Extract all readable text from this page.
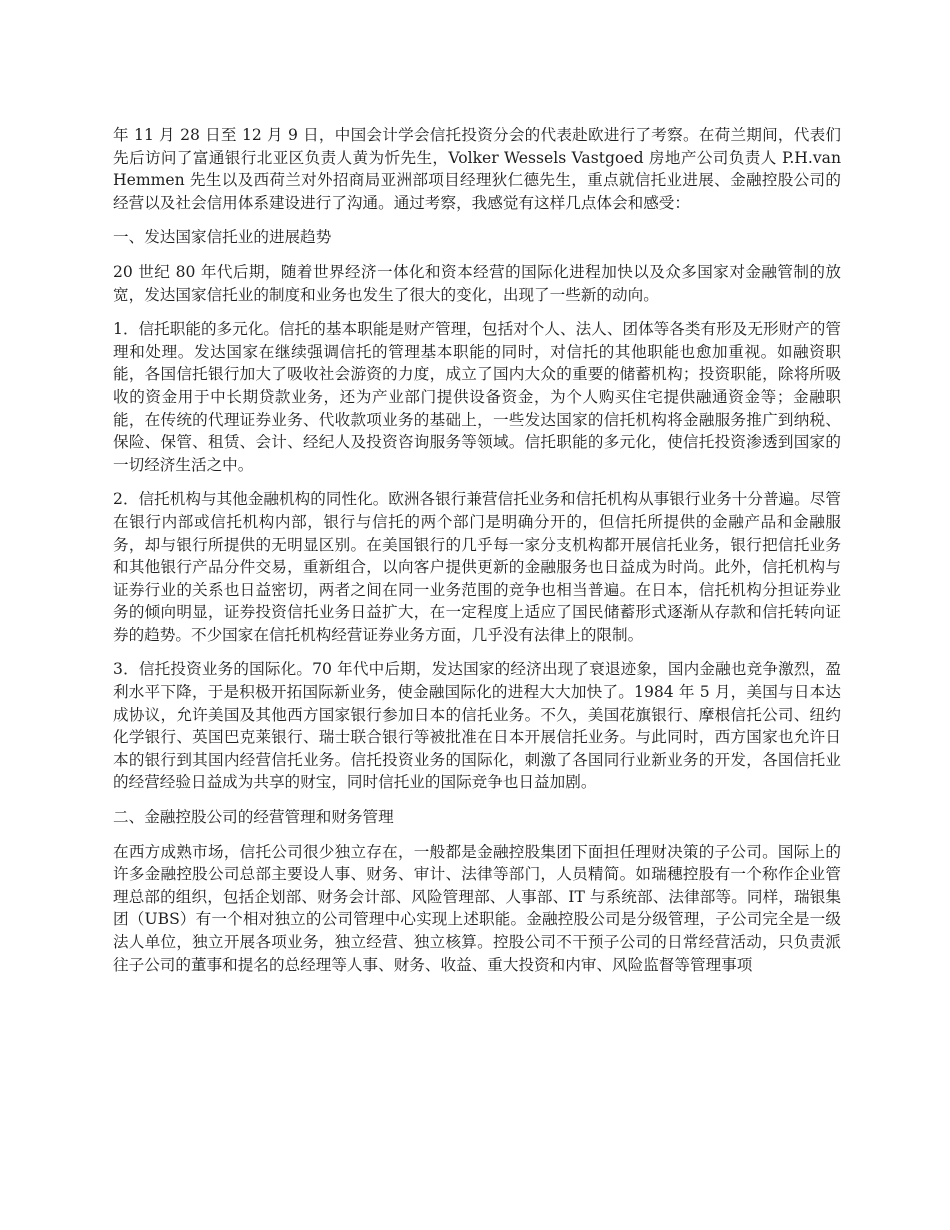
年 11 月 28 日至 12 月 9 日，中国会计学会信托投资分会的代表赴欧进行了考察。在荷兰期间，代表们先后访问了富通银行北亚区负责人黄为忻先生，Volker Wessels Vastgoed 房地产公司负责人 P.H.van Hemmen 先生以及西荷兰对外招商局亚洲部项目经理狄仁德先生，重点就信托业进展、金融控股公司的经营以及社会信用体系建设进行了沟通。通过考察，我感觉有这样几点体会和感受：

一、发达国家信托业的进展趋势

20 世纪 80 年代后期，随着世界经济一体化和资本经营的国际化进程加快以及众多国家对金融管制的放宽，发达国家信托业的制度和业务也发生了很大的变化，出现了一些新的动向。

1．信托职能的多元化。信托的基本职能是财产管理，包括对个人、法人、团体等各类有形及无形财产的管理和处理。发达国家在继续强调信托的管理基本职能的同时，对信托的其他职能也愈加重视。如融资职能，各国信托银行加大了吸收社会游资的力度，成立了国内大众的重要的储蓄机构；投资职能，除将所吸收的资金用于中长期贷款业务，还为产业部门提供设备资金，为个人购买住宅提供融通资金等；金融职能，在传统的代理证券业务、代收款项业务的基础上，一些发达国家的信托机构将金融服务推广到纳税、保险、保管、租赁、会计、经纪人及投资咨询服务等领域。信托职能的多元化，使信托投资渗透到国家的一切经济生活之中。

2．信托机构与其他金融机构的同性化。欧洲各银行兼营信托业务和信托机构从事银行业务十分普遍。尽管在银行内部或信托机构内部，银行与信托的两个部门是明确分开的，但信托所提供的金融产品和金融服务，却与银行所提供的无明显区别。在美国银行的几乎每一家分支机构都开展信托业务，银行把信托业务和其他银行产品分件交易，重新组合，以向客户提供更新的金融服务也日益成为时尚。此外，信托机构与证券行业的关系也日益密切，两者之间在同一业务范围的竞争也相当普遍。在日本，信托机构分担证券业务的倾向明显，证券投资信托业务日益扩大，在一定程度上适应了国民储蓄形式逐渐从存款和信托转向证券的趋势。不少国家在信托机构经营证券业务方面，几乎没有法律上的限制。

3．信托投资业务的国际化。70 年代中后期，发达国家的经济出现了衰退迹象，国内金融也竞争激烈，盈利水平下降，于是积极开拓国际新业务，使金融国际化的进程大大加快了。1984 年 5 月，美国与日本达成协议，允许美国及其他西方国家银行参加日本的信托业务。不久，美国花旗银行、摩根信托公司、纽约化学银行、英国巴克莱银行、瑞士联合银行等被批准在日本开展信托业务。与此同时，西方国家也允许日本的银行到其国内经营信托业务。信托投资业务的国际化，刺激了各国同行业新业务的开发，各国信托业的经营经验日益成为共享的财宝，同时信托业的国际竞争也日益加剧。

二、金融控股公司的经营管理和财务管理

在西方成熟市场，信托公司很少独立存在，一般都是金融控股集团下面担任理财决策的子公司。国际上的许多金融控股公司总部主要设人事、财务、审计、法律等部门，人员精简。如瑞穗控股有一个称作企业管理总部的组织，包括企划部、财务会计部、风险管理部、人事部、IT 与系统部、法律部等。同样，瑞银集团（UBS）有一个相对独立的公司管理中心实现上述职能。金融控股公司是分级管理，子公司完全是一级法人单位，独立开展各项业务，独立经营、独立核算。控股公司不干预子公司的日常经营活动，只负责派往子公司的董事和提名的总经理等人事、财务、收益、重大投资和内审、风险监督等管理事项
